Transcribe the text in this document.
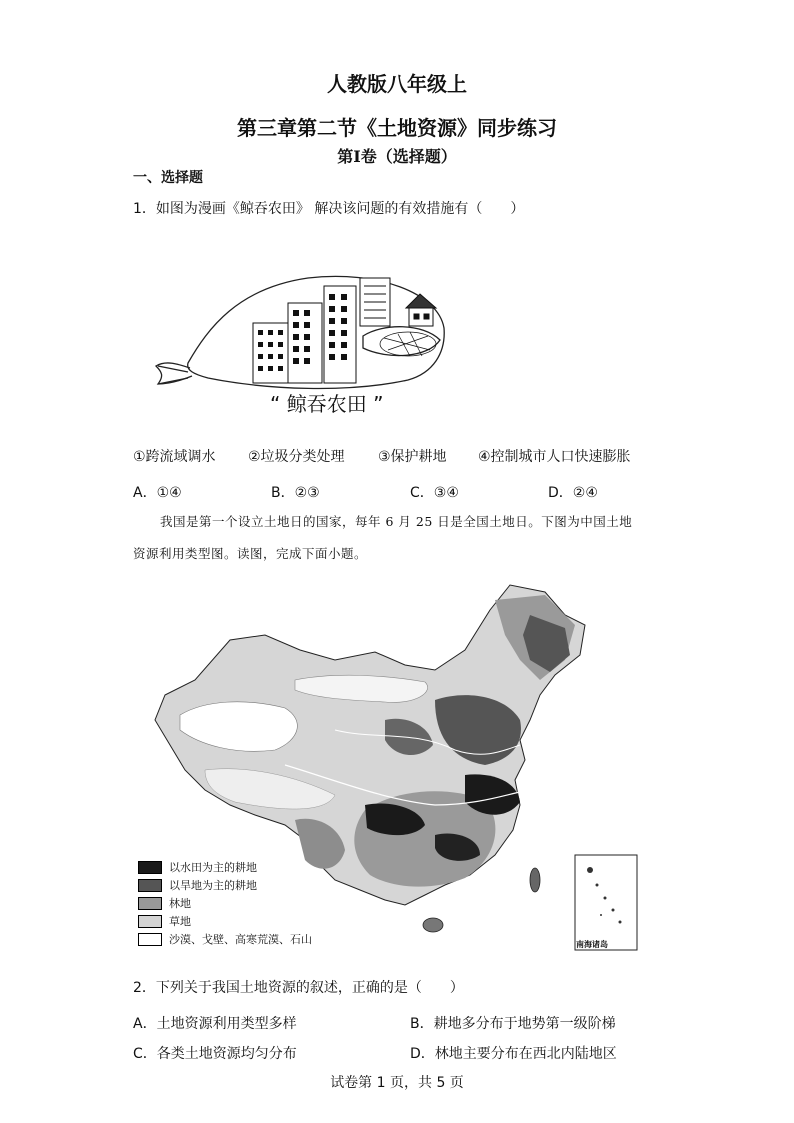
人教版八年级上
第三章第二节《土地资源》同步练习
第Ⅰ卷（选择题）
一、选择题
1．如图为漫画《鲸吞农田》 解决该问题的有效措施有（　　）
“ 鲸吞农田 ”
①跨流域调水 ②垃圾分类处理 ③保护耕地 ④控制城市人口快速膨胀
A．①④	B．②③	C．③④	D．②④
我国是第一个设立土地日的国家，每年 6 月 25 日是全国土地日。下图为中国土地
资源利用类型图。读图，完成下面小题。
南海诸岛
以水田为主的耕地
以旱地为主的耕地
林地
草地
沙漠、戈壁、高寒荒漠、石山
2．下列关于我国土地资源的叙述，正确的是（　　）
A．土地资源利用类型多样	B．耕地多分布于地势第一级阶梯
C．各类土地资源均匀分布	D．林地主要分布在西北内陆地区
试卷第 1 页，共 5 页
